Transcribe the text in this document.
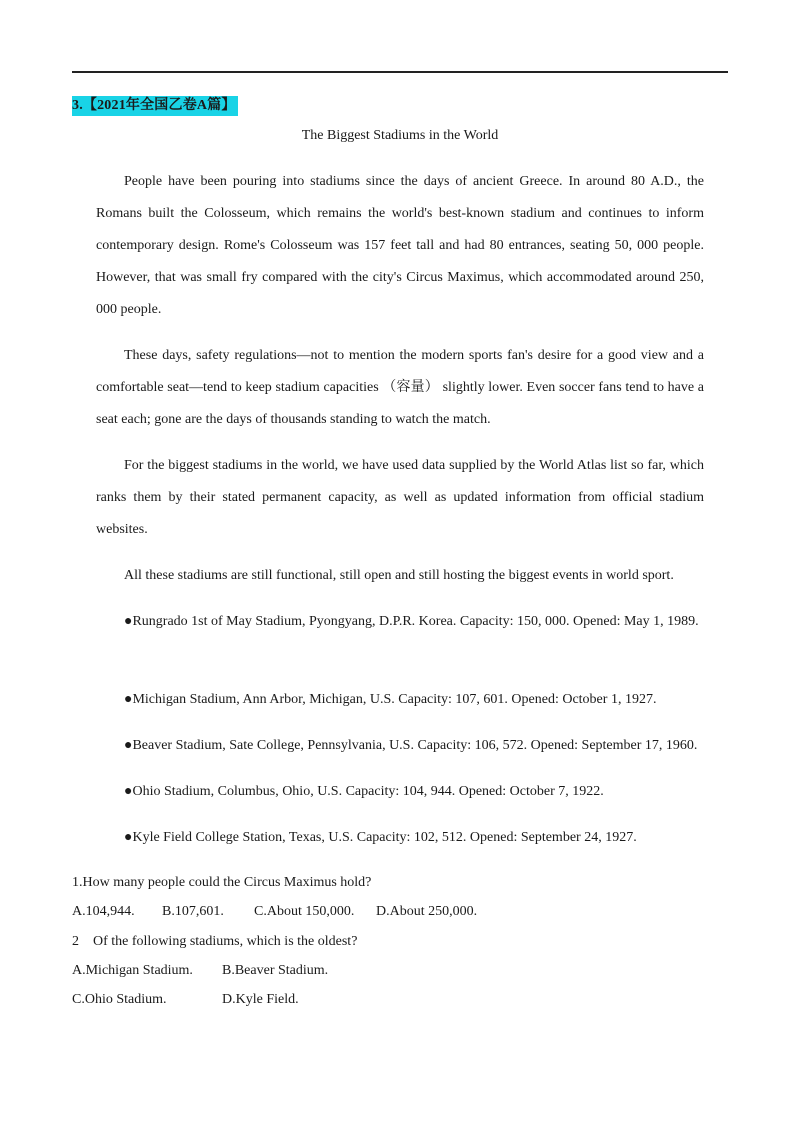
3.【2021年全国乙卷A篇】
The Biggest Stadiums in the World

People have been pouring into stadiums since the days of ancient Greece. In around 80 A.D., the Romans built the Colosseum, which remains the world's best-known stadium and continues to inform contemporary design. Rome's Colosseum was 157 feet tall and had 80 entrances, seating 50, 000 people. However, that was small fry compared with the city's Circus Maximus, which accommodated around 250, 000 people.

These days, safety regulations—not to mention the modern sports fan's desire for a good view and a comfortable seat—tend to keep stadium capacities （容量） slightly lower. Even soccer fans tend to have a seat each; gone are the days of thousands standing to watch the match.

For the biggest stadiums in the world, we have used data supplied by the World Atlas list so far, which ranks them by their stated permanent capacity, as well as updated information from official stadium websites.

All these stadiums are still functional, still open and still hosting the biggest events in world sport.

●Rungrado 1st of May Stadium, Pyongyang, D.P.R. Korea. Capacity: 150, 000. Opened: May 1, 1989.

●Michigan Stadium, Ann Arbor, Michigan, U.S. Capacity: 107, 601. Opened: October 1, 1927.

●Beaver Stadium, Sate College, Pennsylvania, U.S. Capacity: 106, 572. Opened: September 17, 1960.

●Ohio Stadium, Columbus, Ohio, U.S. Capacity: 104, 944. Opened: October 7, 1922.

●Kyle Field College Station, Texas, U.S. Capacity: 102, 512. Opened: September 24, 1927.

1.How many people could the Circus Maximus hold?
A.104,944. B.107,601. C.About 150,000. D.About 250,000.
2    Of the following stadiums, which is the oldest?
A.Michigan Stadium. B.Beaver Stadium.
C.Ohio Stadium.	D.Kyle Field.
